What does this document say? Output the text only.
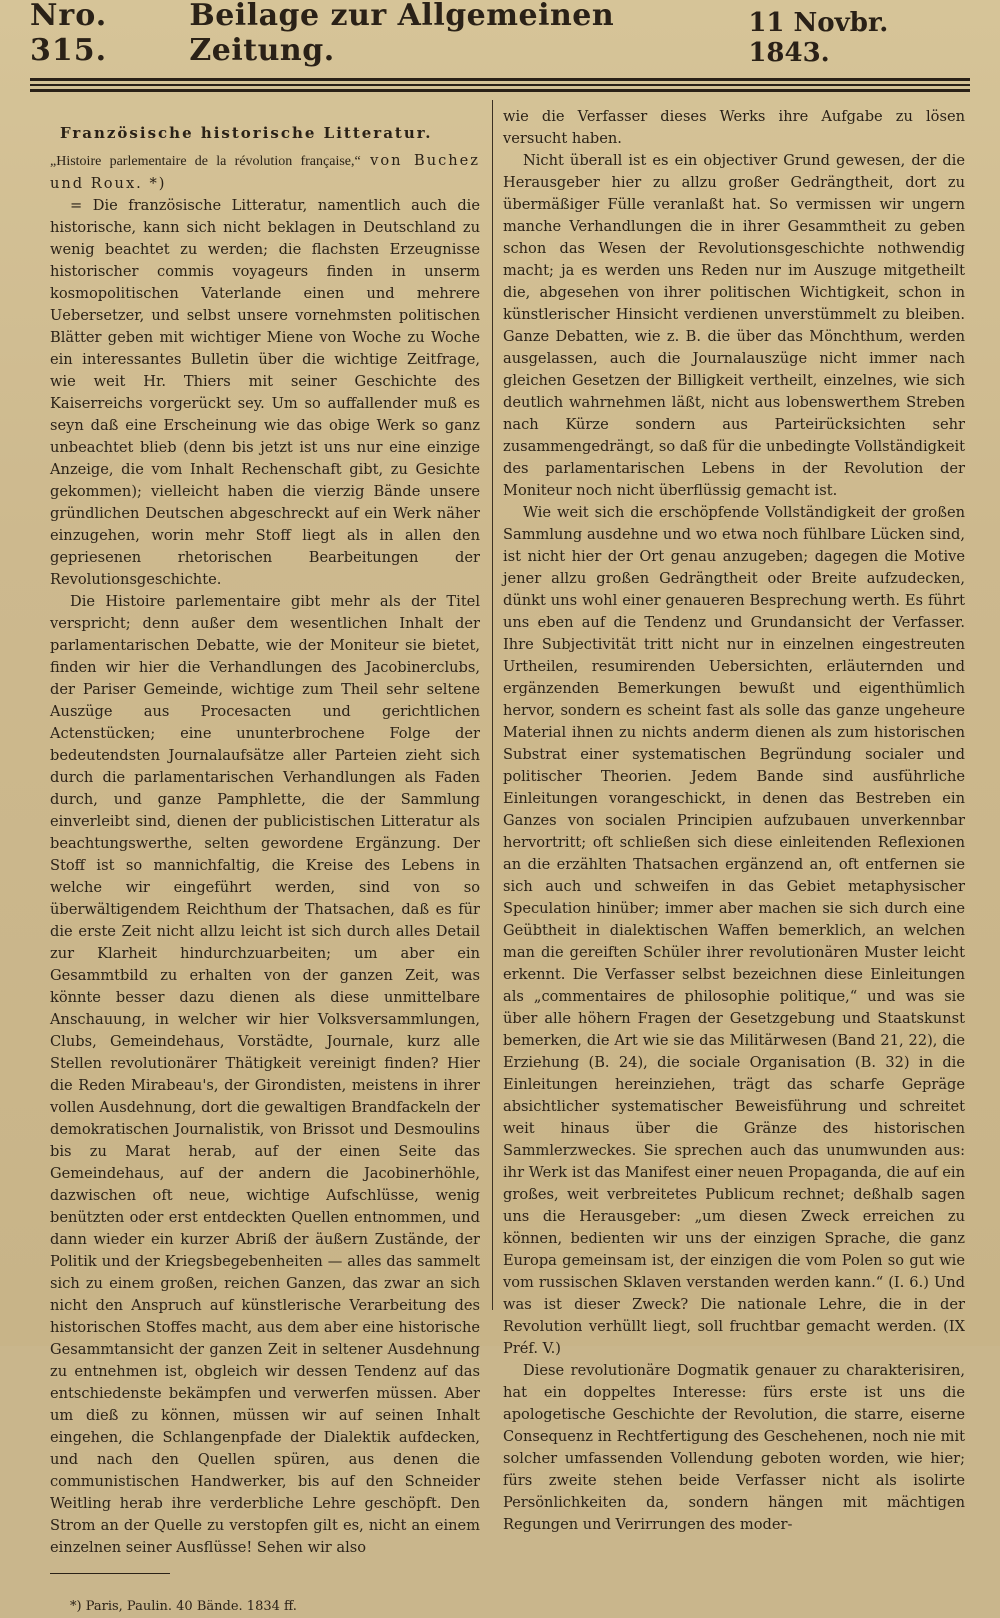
Nro. 315.
Beilage zur Allgemeinen Zeitung.
11 Novbr. 1843.
Französische historische Litteratur.

„Histoire parlementaire de la révolution française,“ von Buchez und Roux. *)

= Die französische Litteratur, namentlich auch die historische, kann sich nicht beklagen in Deutschland zu wenig beachtet zu werden; die flachsten Erzeugnisse historischer commis voyageurs finden in unserm kosmopolitischen Vaterlande einen und mehrere Uebersetzer, und selbst unsere vornehmsten politischen Blätter geben mit wichtiger Miene von Woche zu Woche ein interessantes Bulletin über die wichtige Zeitfrage, wie weit Hr. Thiers mit seiner Geschichte des Kaiserreichs vorgerückt sey. Um so auffallender muß es seyn daß eine Erscheinung wie das obige Werk so ganz unbeachtet blieb (denn bis jetzt ist uns nur eine einzige Anzeige, die vom Inhalt Rechenschaft gibt, zu Gesichte gekommen); vielleicht haben die vierzig Bände unsere gründlichen Deutschen abgeschreckt auf ein Werk näher einzugehen, worin mehr Stoff liegt als in allen den gepriesenen rhetorischen Bearbeitungen der Revolutionsgeschichte.

Die Histoire parlementaire gibt mehr als der Titel verspricht; denn außer dem wesentlichen Inhalt der parlamentarischen Debatte, wie der Moniteur sie bietet, finden wir hier die Verhandlungen des Jacobinerclubs, der Pariser Gemeinde, wichtige zum Theil sehr seltene Auszüge aus Procesacten und gerichtlichen Actenstücken; eine ununterbrochene Folge der bedeutendsten Journalaufsätze aller Parteien zieht sich durch die parlamentarischen Verhandlungen als Faden durch, und ganze Pamphlette, die der Sammlung einverleibt sind, dienen der publicistischen Litteratur als beachtungswerthe, selten gewordene Ergänzung. Der Stoff ist so mannichfaltig, die Kreise des Lebens in welche wir eingeführt werden, sind von so überwältigendem Reichthum der Thatsachen, daß es für die erste Zeit nicht allzu leicht ist sich durch alles Detail zur Klarheit hindurchzuarbeiten; um aber ein Gesammtbild zu erhalten von der ganzen Zeit, was könnte besser dazu dienen als diese unmittelbare Anschauung, in welcher wir hier Volksversammlungen, Clubs, Gemeindehaus, Vorstädte, Journale, kurz alle Stellen revolutionärer Thätigkeit vereinigt finden? Hier die Reden Mirabeau's, der Girondisten, meistens in ihrer vollen Ausdehnung, dort die gewaltigen Brandfackeln der demokratischen Journalistik, von Brissot und Desmoulins bis zu Marat herab, auf der einen Seite das Gemeindehaus, auf der andern die Jacobinerhöhle, dazwischen oft neue, wichtige Aufschlüsse, wenig benützten oder erst entdeckten Quellen entnommen, und dann wieder ein kurzer Abriß der äußern Zustände, der Politik und der Kriegsbegebenheiten — alles das sammelt sich zu einem großen, reichen Ganzen, das zwar an sich nicht den Anspruch auf künstlerische Verarbeitung des historischen Stoffes macht, aus dem aber eine historische Gesammtansicht der ganzen Zeit in seltener Ausdehnung zu entnehmen ist, obgleich wir dessen Tendenz auf das entschiedenste bekämpfen und verwerfen müssen. Aber um dieß zu können, müssen wir auf seinen Inhalt eingehen, die Schlangenpfade der Dialektik aufdecken, und nach den Quellen spüren, aus denen die communistischen Handwerker, bis auf den Schneider Weitling herab ihre verderbliche Lehre geschöpft. Den Strom an der Quelle zu verstopfen gilt es, nicht an einem einzelnen seiner Ausflüsse! Sehen wir also

*) Paris, Paulin. 40 Bände. 1834 ff.

wie die Verfasser dieses Werks ihre Aufgabe zu lösen versucht haben.

Nicht überall ist es ein objectiver Grund gewesen, der die Herausgeber hier zu allzu großer Gedrängtheit, dort zu übermäßiger Fülle veranlaßt hat. So vermissen wir ungern manche Verhandlungen die in ihrer Gesammtheit zu geben schon das Wesen der Revolutionsgeschichte nothwendig macht; ja es werden uns Reden nur im Auszuge mitgetheilt die, abgesehen von ihrer politischen Wichtigkeit, schon in künstlerischer Hinsicht verdienen unverstümmelt zu bleiben. Ganze Debatten, wie z. B. die über das Mönchthum, werden ausgelassen, auch die Journalauszüge nicht immer nach gleichen Gesetzen der Billigkeit vertheilt, einzelnes, wie sich deutlich wahrnehmen läßt, nicht aus lobenswerthem Streben nach Kürze sondern aus Parteirücksichten sehr zusammengedrängt, so daß für die unbedingte Vollständigkeit des parlamentarischen Lebens in der Revolution der Moniteur noch nicht überflüssig gemacht ist.

Wie weit sich die erschöpfende Vollständigkeit der großen Sammlung ausdehne und wo etwa noch fühlbare Lücken sind, ist nicht hier der Ort genau anzugeben; dagegen die Motive jener allzu großen Gedrängtheit oder Breite aufzudecken, dünkt uns wohl einer genaueren Besprechung werth. Es führt uns eben auf die Tendenz und Grundansicht der Verfasser. Ihre Subjectivität tritt nicht nur in einzelnen eingestreuten Urtheilen, resumirenden Uebersichten, erläuternden und ergänzenden Bemerkungen bewußt und eigenthümlich hervor, sondern es scheint fast als solle das ganze ungeheure Material ihnen zu nichts anderm dienen als zum historischen Substrat einer systematischen Begründung socialer und politischer Theorien. Jedem Bande sind ausführliche Einleitungen vorangeschickt, in denen das Bestreben ein Ganzes von socialen Principien aufzubauen unverkennbar hervortritt; oft schließen sich diese einleitenden Reflexionen an die erzählten Thatsachen ergänzend an, oft entfernen sie sich auch und schweifen in das Gebiet metaphysischer Speculation hinüber; immer aber machen sie sich durch eine Geübtheit in dialektischen Waffen bemerklich, an welchen man die gereiften Schüler ihrer revolutionären Muster leicht erkennt. Die Verfasser selbst bezeichnen diese Einleitungen als „commentaires de philosophie politique,“ und was sie über alle höhern Fragen der Gesetzgebung und Staatskunst bemerken, die Art wie sie das Militärwesen (Band 21, 22), die Erziehung (B. 24), die sociale Organisation (B. 32) in die Einleitungen hereinziehen, trägt das scharfe Gepräge absichtlicher systematischer Beweisführung und schreitet weit hinaus über die Gränze des historischen Sammlerzweckes. Sie sprechen auch das unumwunden aus: ihr Werk ist das Manifest einer neuen Propaganda, die auf ein großes, weit verbreitetes Publicum rechnet; deßhalb sagen uns die Herausgeber: „um diesen Zweck erreichen zu können, bedienten wir uns der einzigen Sprache, die ganz Europa gemeinsam ist, der einzigen die vom Polen so gut wie vom russischen Sklaven verstanden werden kann.“ (I. 6.) Und was ist dieser Zweck? Die nationale Lehre, die in der Revolution verhüllt liegt, soll fruchtbar gemacht werden. (IX Préf. V.)

Diese revolutionäre Dogmatik genauer zu charakterisiren, hat ein doppeltes Interesse: fürs erste ist uns die apologetische Geschichte der Revolution, die starre, eiserne Consequenz in Rechtfertigung des Geschehenen, noch nie mit solcher umfassenden Vollendung geboten worden, wie hier; fürs zweite stehen beide Verfasser nicht als isolirte Persönlichkeiten da, sondern hängen mit mächtigen Regungen und Verirrungen des moder-
